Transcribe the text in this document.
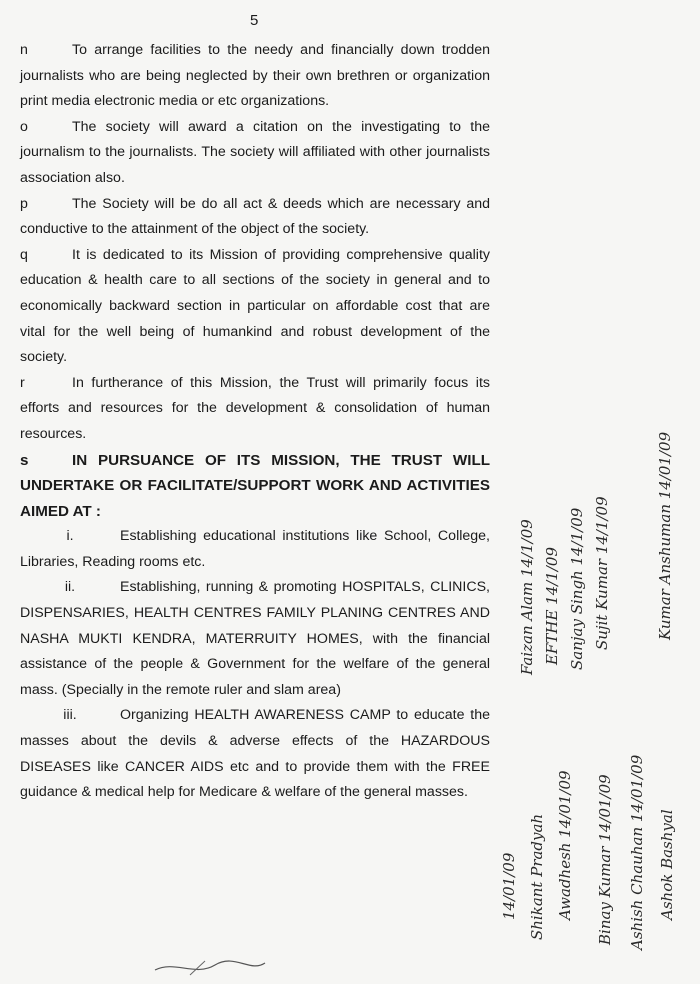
5

n	To arrange facilities to the needy and financially down trodden journalists who are being neglected by their own brethren or organization print media electronic media or etc organizations.

o	The society will award a citation on the investigating to the journalism to the journalists. The society will affiliated with other journalists association also.

p	The Society will be do all act & deeds which are necessary and conductive to the attainment of the object of the society.

q	It is dedicated to its Mission of providing comprehensive quality education & health care to all sections of the society in general and to economically backward section in particular on affordable cost that are vital for the well being of humankind and robust development of the society.

r	In furtherance of this Mission, the Trust will primarily focus its efforts and resources for the development & consolidation of human resources.

s	IN PURSUANCE OF ITS MISSION, THE TRUST WILL UNDERTAKE OR FACILITATE/SUPPORT WORK AND ACTIVITIES AIMED AT :

i.	Establishing educational institutions like School, College, Libraries, Reading rooms etc.

ii.	Establishing, running & promoting HOSPITALS, CLINICS, DISPENSARIES, HEALTH CENTRES FAMILY PLANING CENTRES AND NASHA MUKTI KENDRA, MATERRUITY HOMES, with the financial assistance of the people & Government for the welfare of the general mass. (Specially in the remote ruler and slam area)

iii.	Organizing HEALTH AWARENESS CAMP to educate the masses about the devils & adverse effects of the HAZARDOUS DISEASES like CANCER AIDS etc and to provide them with the FREE guidance & medical help for Medicare & welfare of the general masses.

Faizan Alam 14/1/09 EFTHE 14/1/09 Sanjay Singh 14/1/09 Sujit Kumar 14/1/09	Kumar Anshuman 14/01/09
14/01/09 Shikant Pradyah Awadhesh 14/01/09 Binay Kumar 14/01/09 Ashish Chauhan 14/01/09 Ashok Bashyal
